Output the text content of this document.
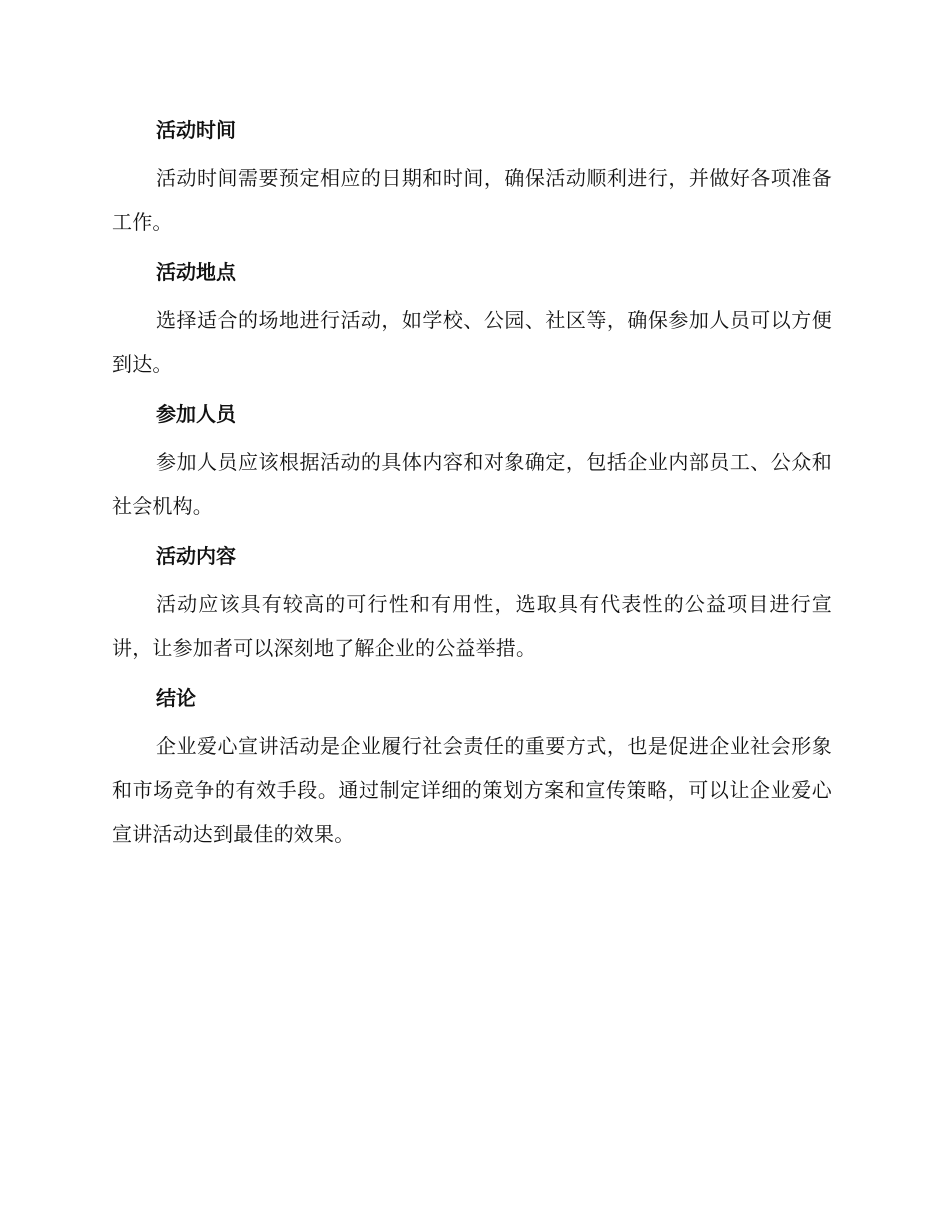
活动时间

活动时间需要预定相应的日期和时间，确保活动顺利进行，并做好各项准备工作。

活动地点

选择适合的场地进行活动，如学校、公园、社区等，确保参加人员可以方便到达。

参加人员

参加人员应该根据活动的具体内容和对象确定，包括企业内部员工、公众和社会机构。

活动内容

活动应该具有较高的可行性和有用性，选取具有代表性的公益项目进行宣讲，让参加者可以深刻地了解企业的公益举措。

结论

企业爱心宣讲活动是企业履行社会责任的重要方式，也是促进企业社会形象和市场竞争的有效手段。通过制定详细的策划方案和宣传策略，可以让企业爱心宣讲活动达到最佳的效果。
